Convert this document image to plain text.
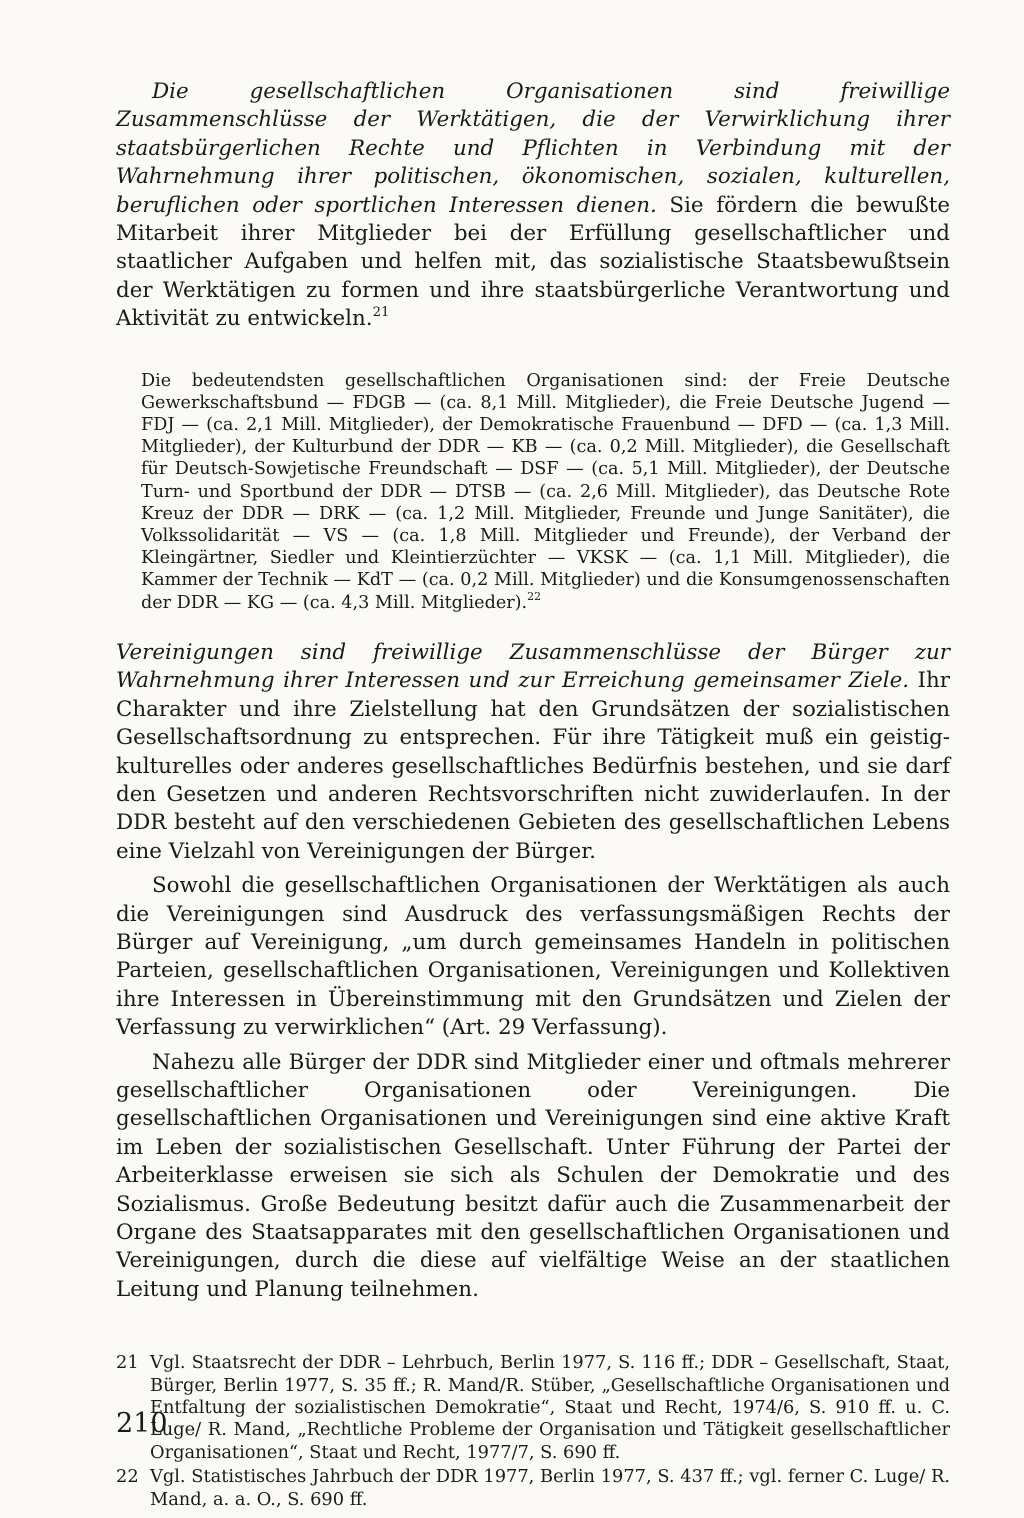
Die gesellschaftlichen Organisationen sind freiwillige Zusammenschlüsse der Werktätigen, die der Verwirklichung ihrer staatsbürgerlichen Rechte und Pflichten in Verbindung mit der Wahrnehmung ihrer politischen, ökonomischen, sozialen, kulturellen, beruflichen oder sportlichen Interessen dienen. Sie fördern die bewußte Mitarbeit ihrer Mitglieder bei der Erfüllung gesellschaftlicher und staatlicher Aufgaben und helfen mit, das sozialistische Staatsbewußtsein der Werktätigen zu formen und ihre staatsbürgerliche Verantwortung und Aktivität zu entwickeln.$^{21}$

Die bedeutendsten gesellschaftlichen Organisationen sind: der Freie Deutsche Gewerkschaftsbund — FDGB — (ca. 8,1 Mill. Mitglieder), die Freie Deutsche Jugend — FDJ — (ca. 2,1 Mill. Mitglieder), der Demokratische Frauenbund — DFD — (ca. 1,3 Mill. Mitglieder), der Kulturbund der DDR — KB — (ca. 0,2 Mill. Mitglieder), die Gesellschaft für Deutsch-Sowjetische Freundschaft — DSF — (ca. 5,1 Mill. Mitglieder), der Deutsche Turn- und Sportbund der DDR — DTSB — (ca. 2,6 Mill. Mitglieder), das Deutsche Rote Kreuz der DDR — DRK — (ca. 1,2 Mill. Mitglieder, Freunde und Junge Sanitäter), die Volkssolidarität — VS — (ca. 1,8 Mill. Mitglieder und Freunde), der Verband der Kleingärtner, Siedler und Kleintierzüchter — VKSK — (ca. 1,1 Mill. Mitglieder), die Kammer der Technik — KdT — (ca. 0,2 Mill. Mitglieder) und die Konsumgenossenschaften der DDR — KG — (ca. 4,3 Mill. Mitglieder).$^{22}$

Vereinigungen sind freiwillige Zusammenschlüsse der Bürger zur Wahrnehmung ihrer Interessen und zur Erreichung gemeinsamer Ziele. Ihr Charakter und ihre Zielstellung hat den Grundsätzen der sozialistischen Gesellschaftsordnung zu entsprechen. Für ihre Tätigkeit muß ein geistig-kulturelles oder anderes gesellschaftliches Bedürfnis bestehen, und sie darf den Gesetzen und anderen Rechtsvorschriften nicht zuwiderlaufen. In der DDR besteht auf den verschiedenen Gebieten des gesellschaftlichen Lebens eine Vielzahl von Vereinigungen der Bürger.

Sowohl die gesellschaftlichen Organisationen der Werktätigen als auch die Vereinigungen sind Ausdruck des verfassungsmäßigen Rechts der Bürger auf Vereinigung, „um durch gemeinsames Handeln in politischen Parteien, gesellschaftlichen Organisationen, Vereinigungen und Kollektiven ihre Interessen in Übereinstimmung mit den Grundsätzen und Zielen der Verfassung zu verwirklichen“ (Art. 29 Verfassung).

Nahezu alle Bürger der DDR sind Mitglieder einer und oftmals mehrerer gesellschaftlicher Organisationen oder Vereinigungen. Die gesellschaftlichen Organisationen und Vereinigungen sind eine aktive Kraft im Leben der sozialistischen Gesellschaft. Unter Führung der Partei der Arbeiterklasse erweisen sie sich als Schulen der Demokratie und des Sozialismus. Große Bedeutung besitzt dafür auch die Zusammenarbeit der Organe des Staatsapparates mit den gesellschaftlichen Organisationen und Vereinigungen, durch die diese auf vielfältige Weise an der staatlichen Leitung und Planung teilnehmen.

21 Vgl. Staatsrecht der DDR – Lehrbuch, Berlin 1977, S. 116 ff.; DDR – Gesellschaft, Staat, Bürger, Berlin 1977, S. 35 ff.; R. Mand/R. Stüber, „Gesellschaftliche Organisationen und Entfaltung der sozialistischen Demokratie“, Staat und Recht, 1974/6, S. 910 ff. u. C. Luge/ R. Mand, „Rechtliche Probleme der Organisation und Tätigkeit gesellschaftlicher Organisationen“, Staat und Recht, 1977/7, S. 690 ff.
22 Vgl. Statistisches Jahrbuch der DDR 1977, Berlin 1977, S. 437 ff.; vgl. ferner C. Luge/ R. Mand, a. a. O., S. 690 ff.
210
